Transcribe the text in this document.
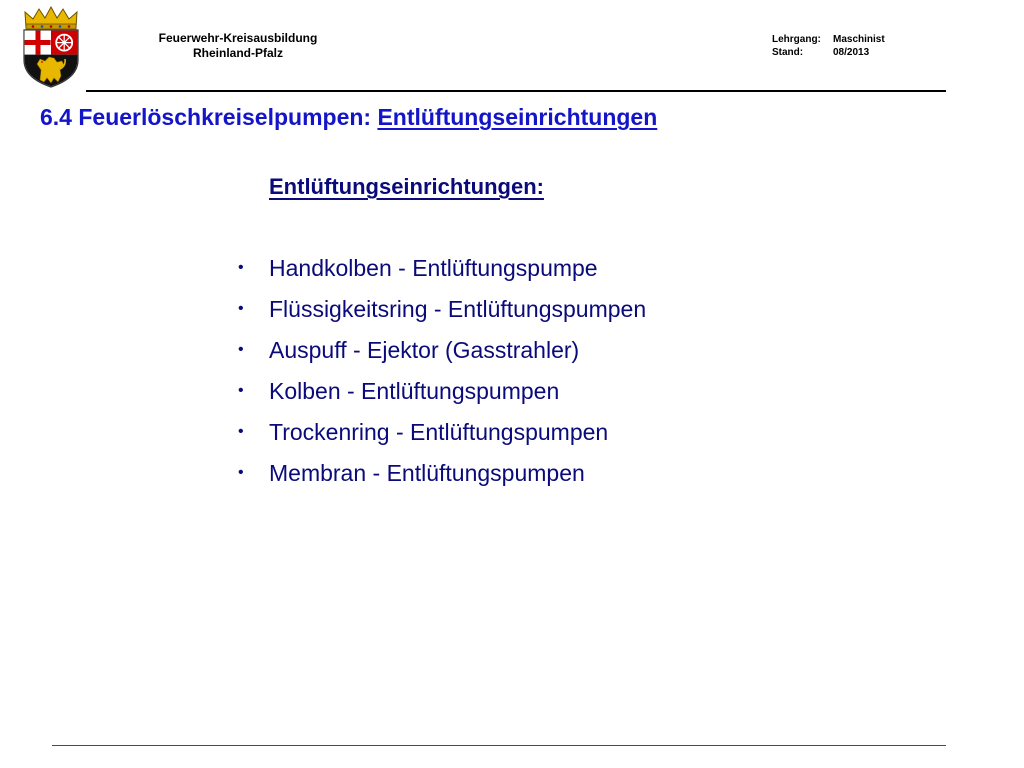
Feuerwehr-Kreisausbildung
Rheinland-Pfalz
Lehrgang:	Maschinist
Stand:	08/2013
6.4 Feuerlöschkreiselpumpen: Entlüftungseinrichtungen
Entlüftungseinrichtungen:
•	Handkolben - Entlüftungspumpe
•	Flüssigkeitsring - Entlüftungspumpen
•	Auspuff - Ejektor (Gasstrahler)
•	Kolben - Entlüftungspumpen
•	Trockenring - Entlüftungspumpen
•	Membran - Entlüftungspumpen
